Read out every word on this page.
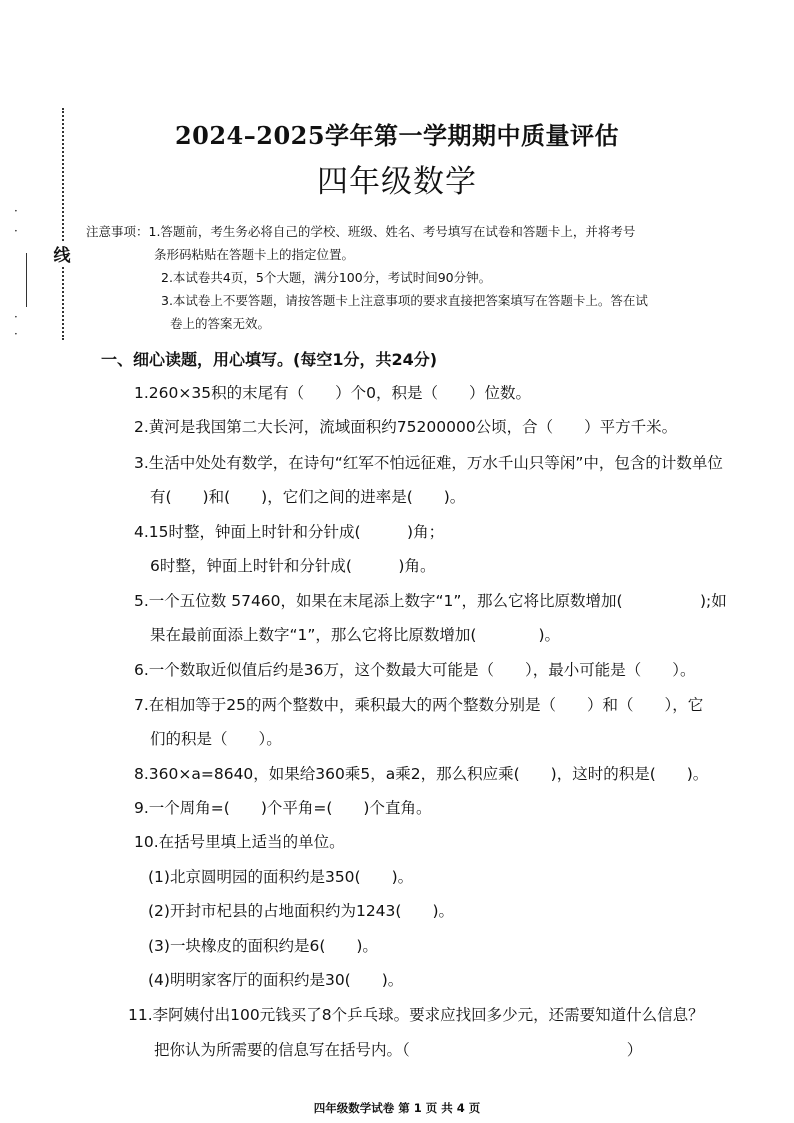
·
·
·
·
线
2024–2025学年第一学期期中质量评估
四年级数学
注意事项：1.答题前，考生务必将自己的学校、班级、姓名、考号填写在试卷和答题卡上，并将考号
条形码粘贴在答题卡上的指定位置。
2.本试卷共4页，5个大题，满分100分，考试时间90分钟。
3.本试卷上不要答题，请按答题卡上注意事项的要求直接把答案填写在答题卡上。答在试
卷上的答案无效。
一、细心读题，用心填写。(每空1分，共24分)
1.260×35积的末尾有（　　）个0，积是（　　）位数。
2.黄河是我国第二大长河，流域面积约75200000公顷，合（　　）平方千米。
3.生活中处处有数学，在诗句“红军不怕远征难，万水千山只等闲”中，包含的计数单位
有(　　)和(　　)，它们之间的进率是(　　)。
4.15时整，钟面上时针和分针成(　　　)角；
6时整，钟面上时针和分针成(　　　)角。
5.一个五位数 57460，如果在末尾添上数字“1”，那么它将比原数增加(　　　　　);如
果在最前面添上数字“1”，那么它将比原数增加(　　　　)。
6.一个数取近似值后约是36万，这个数最大可能是（　　），最小可能是（　　）。
7.在相加等于25的两个整数中，乘积最大的两个整数分别是（　　）和（　　），它
们的积是（　　）。
8.360×a=8640，如果给360乘5，a乘2，那么积应乘(　　)，这时的积是(　　)。
9.一个周角=(　　)个平角=(　　)个直角。
10.在括号里填上适当的单位。
(1)北京圆明园的面积约是350(　　)。
(2)开封市杞县的占地面积约为1243(　　)。
(3)一块橡皮的面积约是6(　　)。
(4)明明家客厅的面积约是30(　　)。
11.李阿姨付出100元钱买了8个乒乓球。要求应找回多少元，还需要知道什么信息？
把你认为所需要的信息写在括号内。（　　　　　　　　　　　　　　）
四年级数学试卷 第 1 页 共 4 页
